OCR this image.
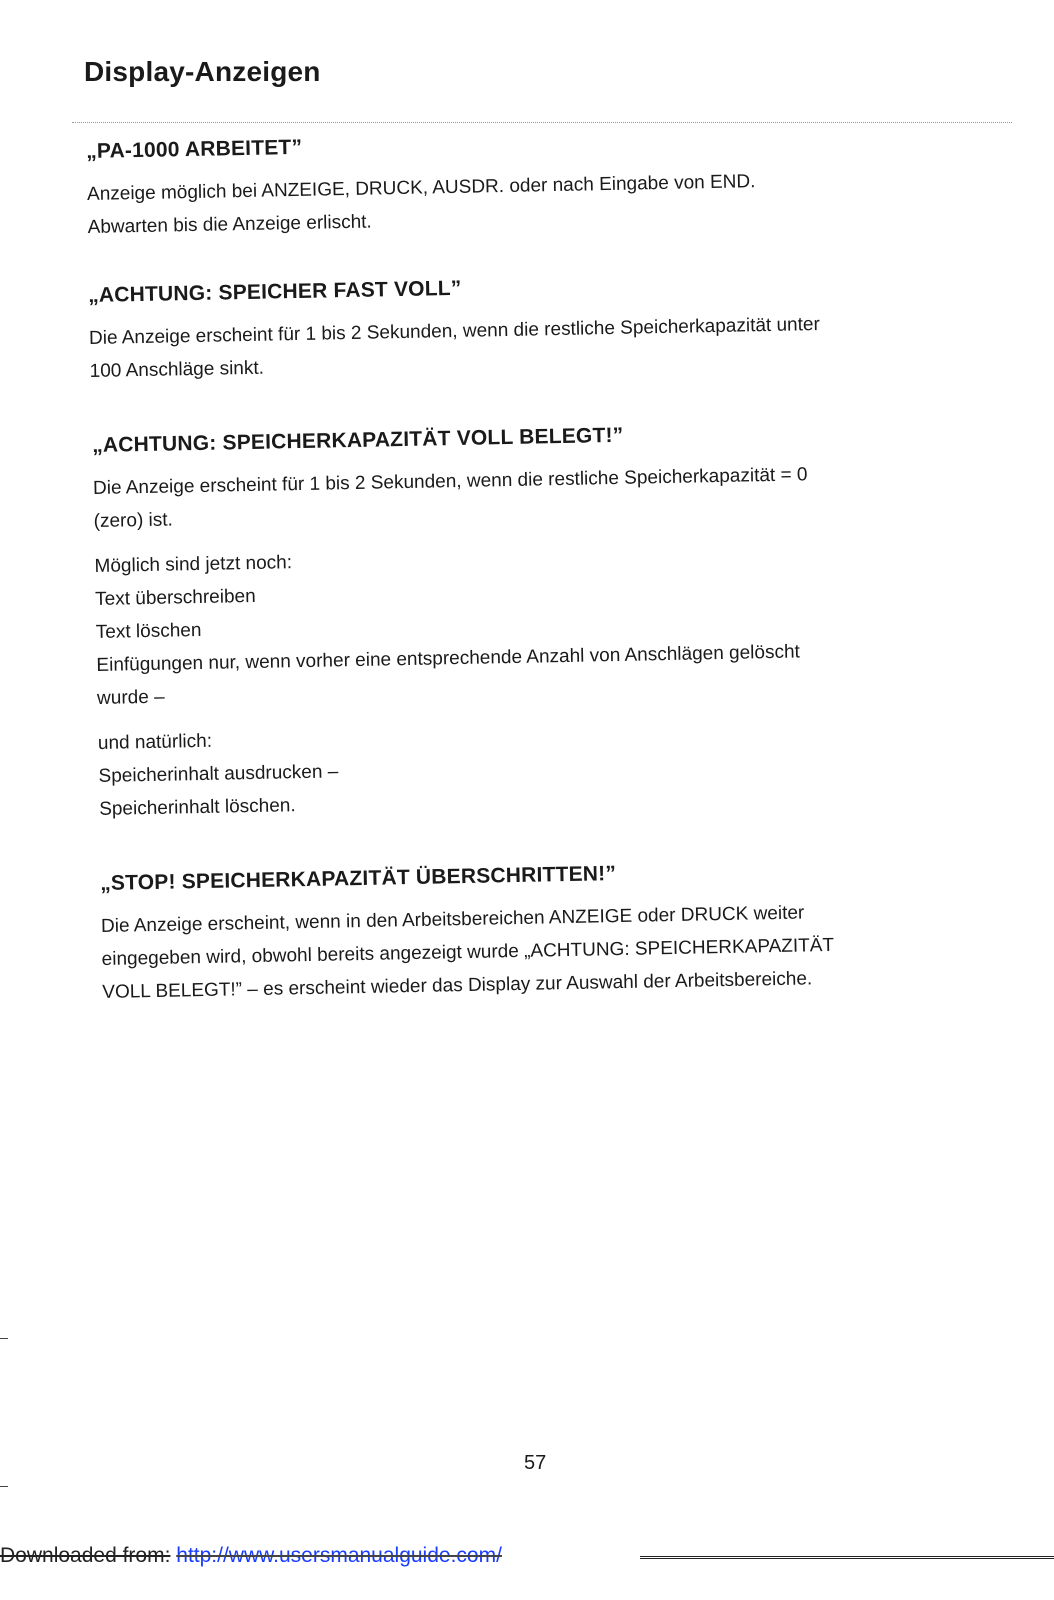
Display-Anzeigen
„PA-1000 ARBEITET”

Anzeige möglich bei ANZEIGE, DRUCK, AUSDR. oder nach Eingabe von END.
Abwarten bis die Anzeige erlischt.

„ACHTUNG: SPEICHER FAST VOLL”

Die Anzeige erscheint für 1 bis 2 Sekunden, wenn die restliche Speicherkapazität unter
100 Anschläge sinkt.

„ACHTUNG: SPEICHERKAPAZITÄT VOLL BELEGT!”

Die Anzeige erscheint für 1 bis 2 Sekunden, wenn die restliche Speicherkapazität = 0
(zero) ist.

Möglich sind jetzt noch:
Text überschreiben
Text löschen
Einfügungen nur, wenn vorher eine entsprechende Anzahl von Anschlägen gelöscht
wurde –

und natürlich:
Speicherinhalt ausdrucken –
Speicherinhalt löschen.

„STOP! SPEICHERKAPAZITÄT ÜBERSCHRITTEN!”

Die Anzeige erscheint, wenn in den Arbeitsbereichen ANZEIGE oder DRUCK weiter
eingegeben wird, obwohl bereits angezeigt wurde „ACHTUNG: SPEICHERKAPAZITÄT
VOLL BELEGT!” – es erscheint wieder das Display zur Auswahl der Arbeitsbereiche.

57
Downloaded from: http://www.usersmanualguide.com/
